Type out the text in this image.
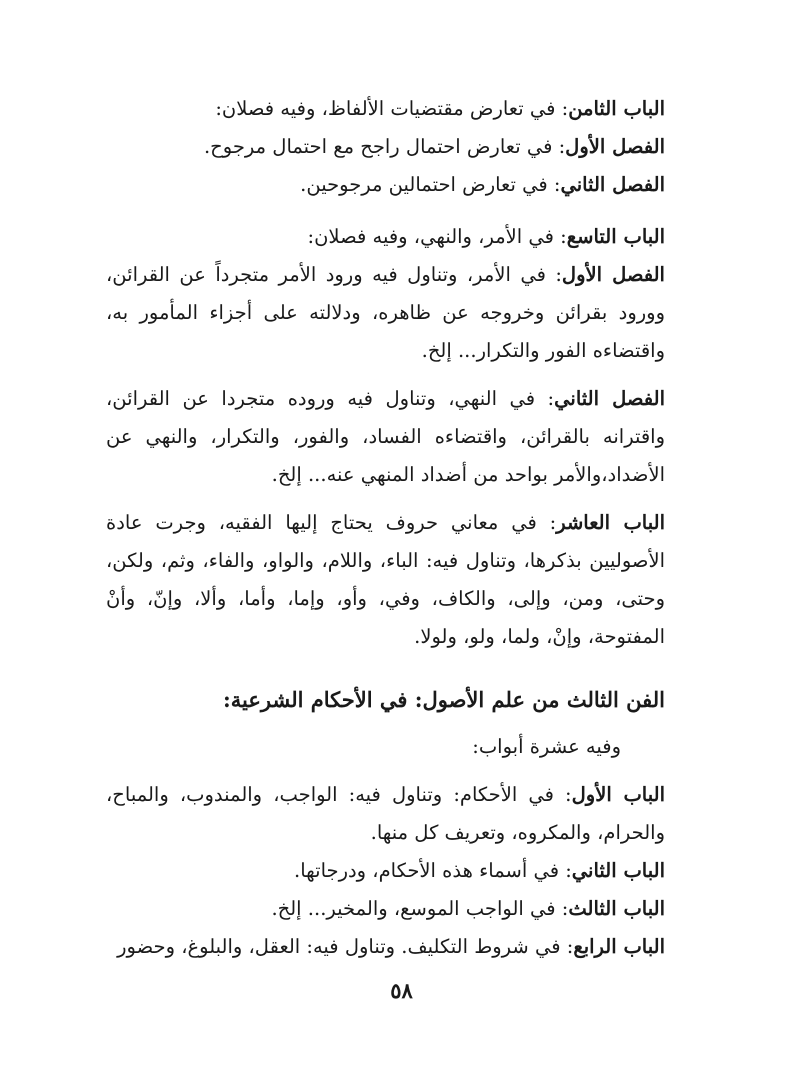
الباب الثامن: في تعارض مقتضيات الألفاظ، وفيه فصلان:

الفصل الأول: في تعارض احتمال راجح مع احتمال مرجوح.

الفصل الثاني: في تعارض احتمالين مرجوحين.

الباب التاسع: في الأمر، والنهي، وفيه فصلان:

الفصل الأول: في الأمر، وتناول فيه ورود الأمر متجرداً عن القرائن، وورود بقرائن وخروجه عن ظاهره، ودلالته على أجزاء المأمور به، واقتضاءه الفور والتكرار... إلخ.

الفصل الثاني: في النهي، وتناول فيه وروده متجردا عن القرائن، واقترانه بالقرائن، واقتضاءه الفساد، والفور، والتكرار، والنهي عن الأضداد،والأمر بواحد من أضداد المنهي عنه... إلخ.

الباب العاشر: في معاني حروف يحتاج إليها الفقيه، وجرت عادة الأصوليين بذكرها، وتناول فيه: الباء، واللام، والواو، والفاء، وثم، ولكن، وحتى، ومن، وإلى، والكاف، وفي، وأو، وإما، وأما، وألا، وإنّ، وأنْ المفتوحة، وإنْ، ولما، ولو، ولولا.

الفن الثالث من علم الأصول: في الأحكام الشرعية:
وفيه عشرة أبواب:

الباب الأول: في الأحكام: وتناول فيه: الواجب، والمندوب، والمباح، والحرام، والمكروه، وتعريف كل منها.

الباب الثاني: في أسماء هذه الأحكام، ودرجاتها.

الباب الثالث: في الواجب الموسع، والمخير... إلخ.

الباب الرابع: في شروط التكليف. وتناول فيه: العقل، والبلوغ، وحضور

٥٨
